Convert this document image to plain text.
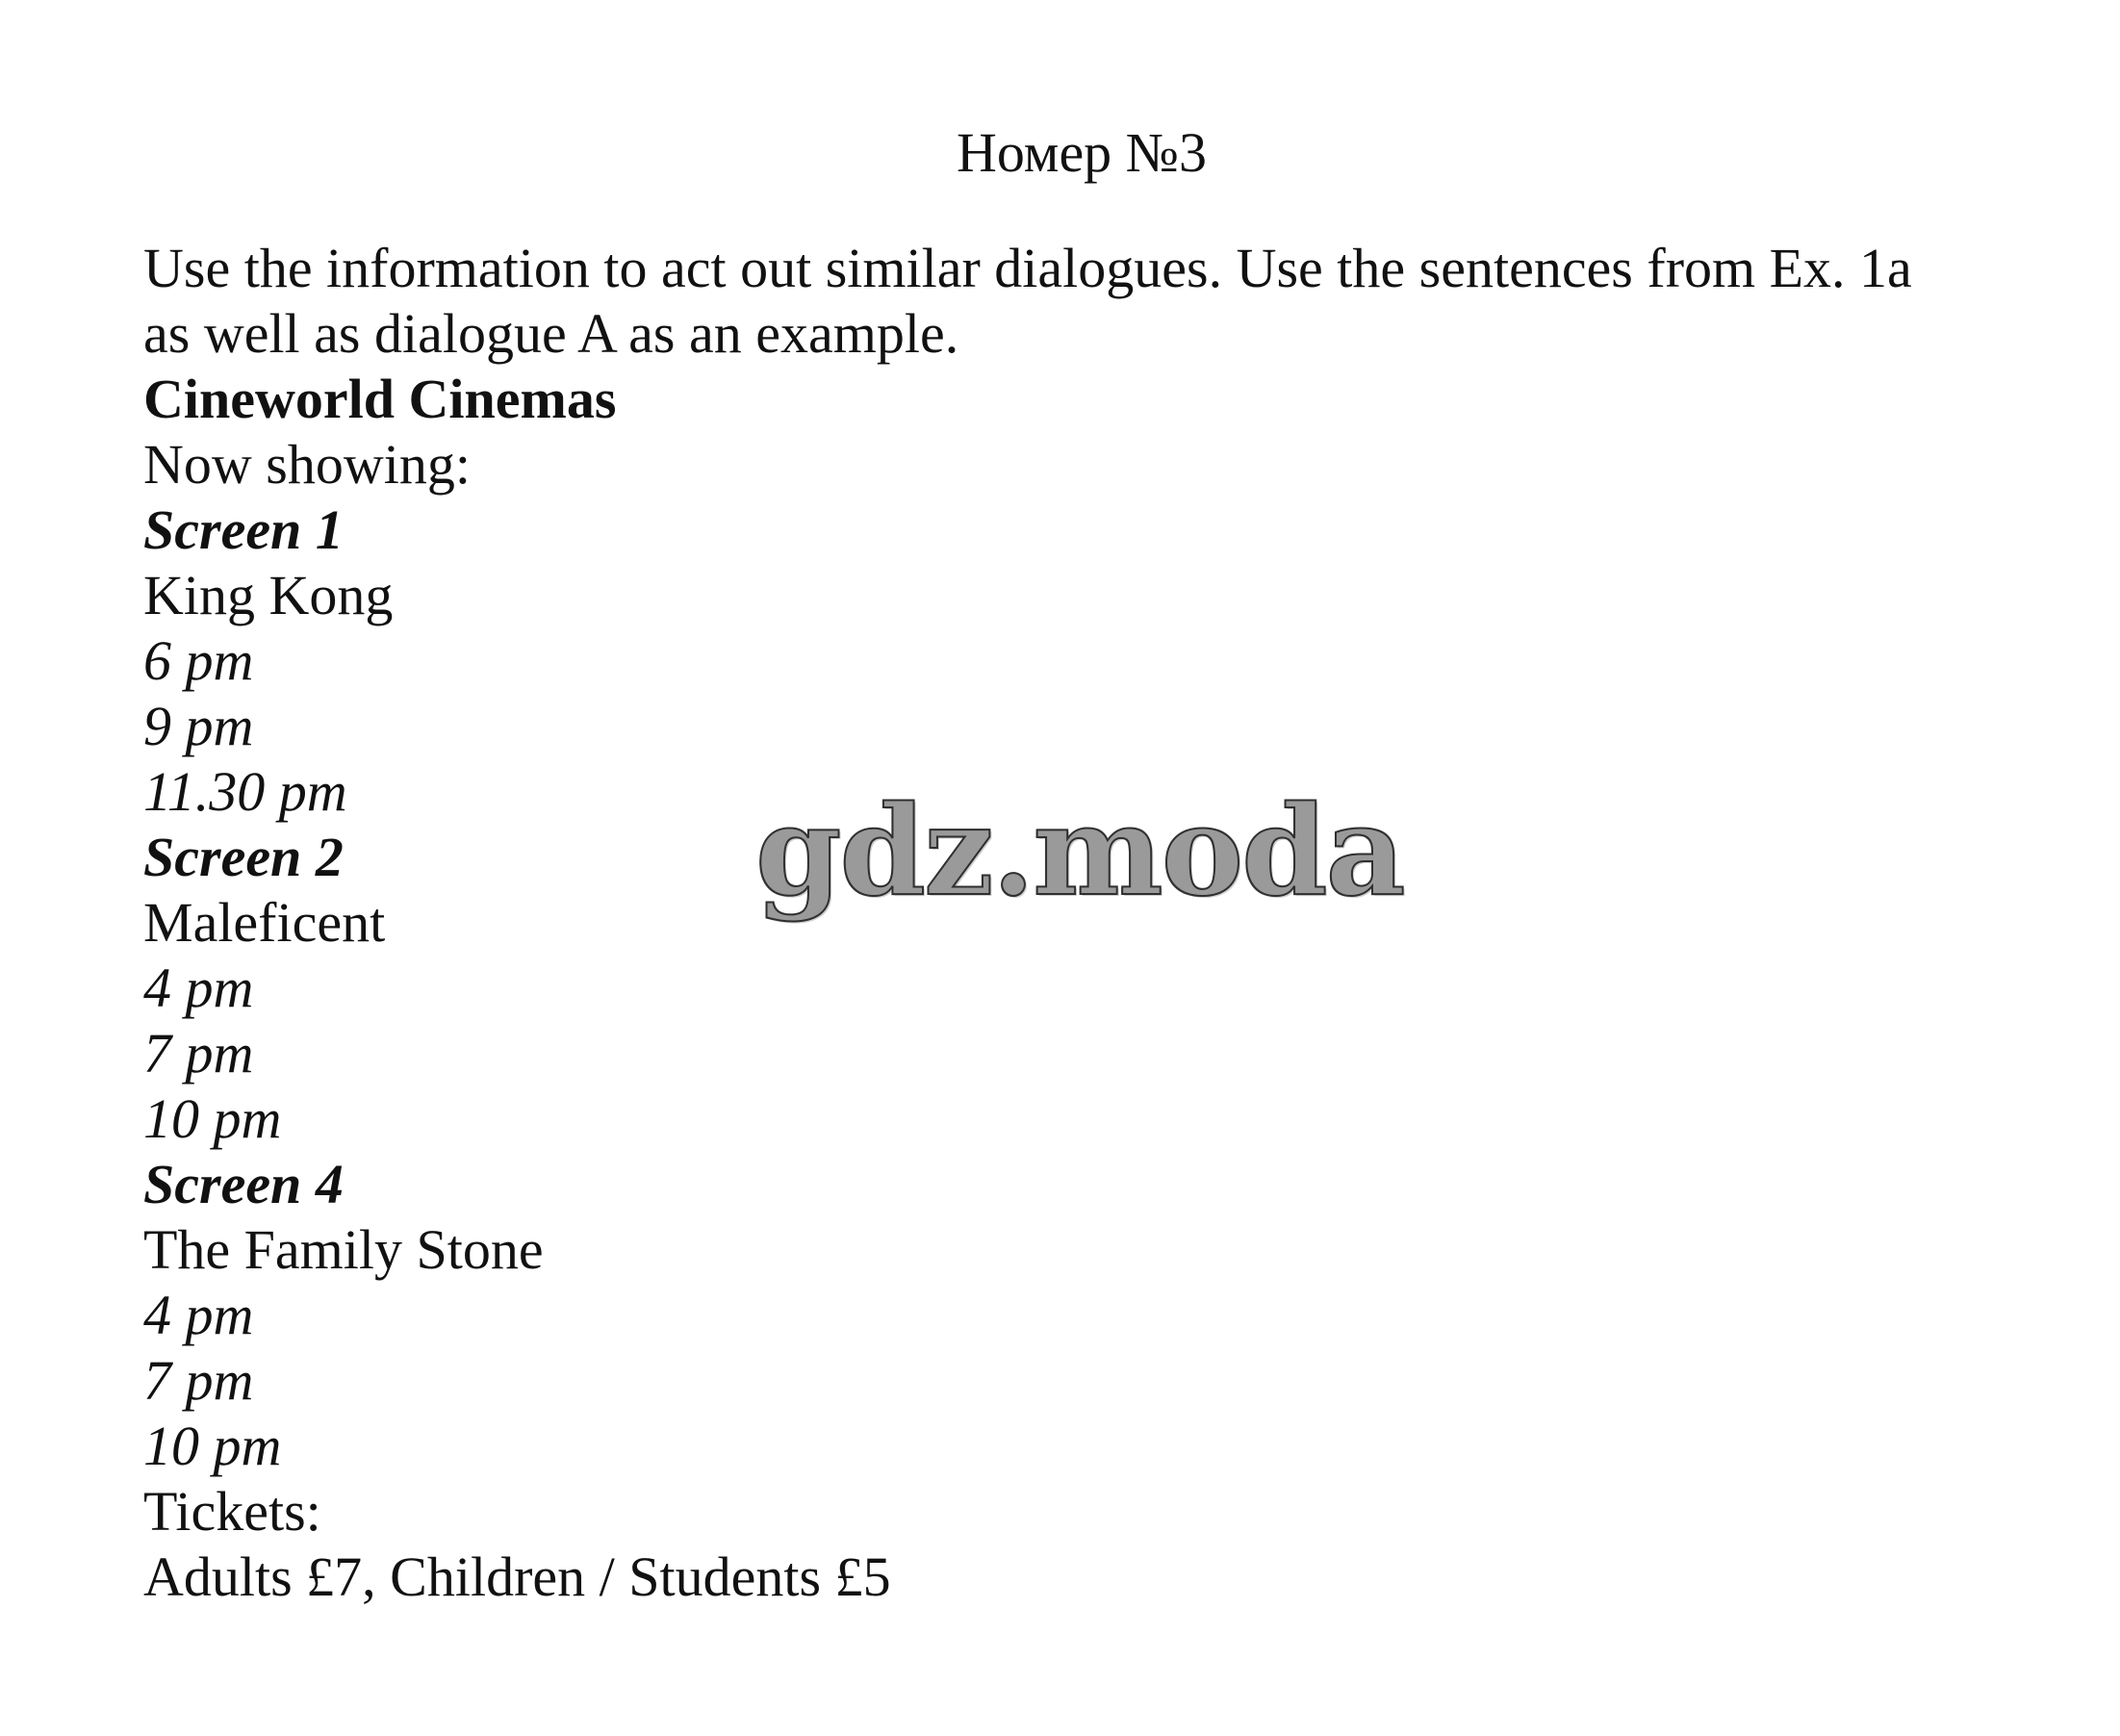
Номер №3
Use the information to act out similar dialogues. Use the sentences from Ex. 1a
as well as dialogue A as an example.
Cineworld Cinemas
Now showing:
Screen 1
King Kong
6 pm
9 pm
11.30 pm
Screen 2
Maleficent
4 pm
7 pm
10 pm
Screen 4
The Family Stone
4 pm
7 pm
10 pm
Tickets:
Adults £7, Children / Students £5
gdz.moda
